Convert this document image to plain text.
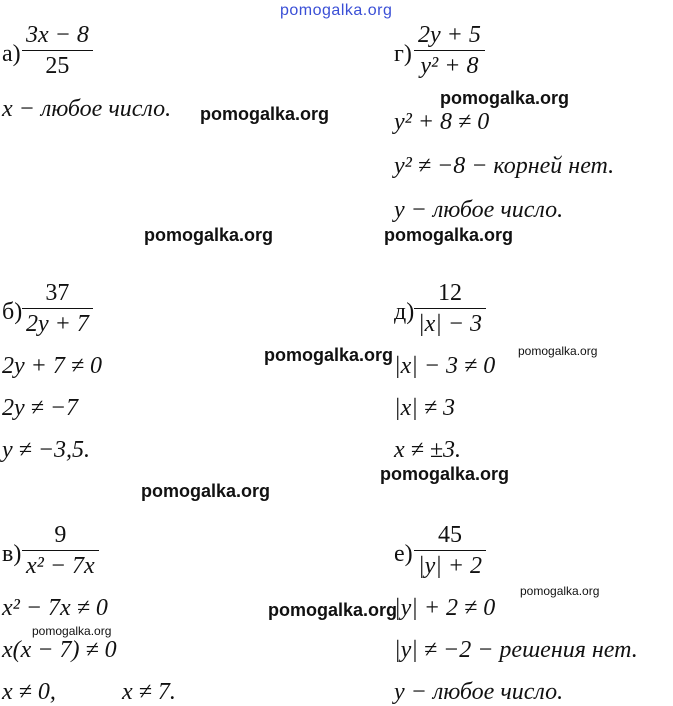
pomogalka.org
а)
3x − 8
25
x − любое число.
г)
2y + 5
y² + 8
y² + 8 ≠ 0
y² ≠ −8 − корней нет.
y − любое число.
б)
37
2y + 7
2y + 7 ≠ 0
2y ≠ −7
y ≠ −3,5.
д)
12
|x| − 3
|x| − 3 ≠ 0
|x| ≠ 3
x ≠ ±3.
в)
9
x² − 7x
x² − 7x ≠ 0
x(x − 7) ≠ 0
x ≠ 0,	x ≠ 7.
е)
45
|y| + 2
|y| + 2 ≠ 0
|y| ≠ −2 − решения нет.
y − любое число.
pomogalka.org
pomogalka.org
pomogalka.org	pomogalka.org
pomogalka.org	pomogalka.org
pomogalka.org
pomogalka.org
pomogalka.org
pomogalka.org
pomogalka.org
